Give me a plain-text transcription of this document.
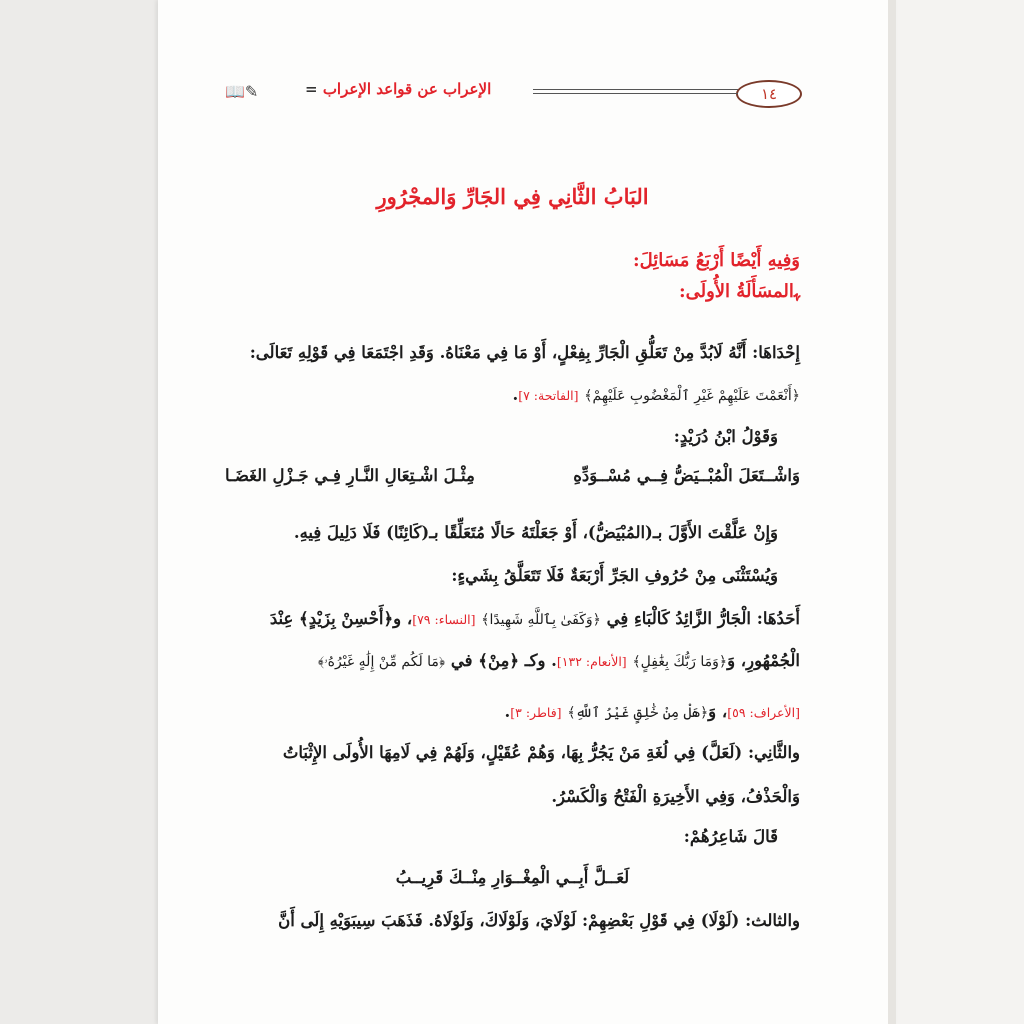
١٤
الإعراب عن قواعد الإعراب =
✎📖
البَابُ الثَّانِي فِي الجَارِّ وَالمجْرُورِ
وَفِيهِ أَيْضًا أَرْبَعُ مَسَائِلَ:
ﮩالمسَأَلَةُ الأُولَى:
إِحْدَاهَا: أَنَّهُ لَابُدَّ مِنْ تَعَلُّقِ الْجَارِّ بِفِعْلٍ، أَوْ مَا فِي مَعْنَاهُ. وَقَدِ اجْتَمَعَا فِي قَوْلِهِ تَعَالَى:
﴿أَنْعَمْتَ عَلَيْهِمْ غَيْرِ ٱلْمَغْضُوبِ عَلَيْهِمْ﴾ [الفاتحة: ٧].
وَقَوْلُ ابْنُ دُرَيْدٍ:
وَاشْــتَعَلَ الْمُبْــيَضُّ فِــي مُسْــوَدِّهِ
مِثْـلَ اشْـتِعَالِ النَّـارِ فِـي جَـزْلِ الغَضَـا
وَإِنْ عَلَّقْتَ الأَوَّلَ بـ(المُبْيَضُّ)، أَوْ جَعَلْتَهُ حَالًا مُتَعَلِّقًا بـ(كَائِنًا) فَلَا دَلِيلَ فِيهِ.
وَيُسْتَثْنَى مِنْ حُرُوفِ الجَرِّ أَرْبَعَةٌ فَلَا تَتَعَلَّقُ بِشَيءٍ:
أَحَدُهَا: الْجَارُّ الزَّائِدُ كَالْبَاءِ فِي ﴿وَكَفَىٰ بِٱللَّهِ شَهِيدًا﴾ [النساء: ٧٩]، و﴿أَحْسِنْ بِزَيْدٍ﴾ عِنْدَ
الْجُمْهُورِ، وَ﴿وَمَا رَبُّكَ بِغَٰفِلٍ﴾ [الأنعام: ١٣٢]. وكـ ﴿مِنْ﴾ في ﴿مَا لَكُم مِّنْ إِلَٰهٍ غَيْرُهُۥ﴾
[الأعراف: ٥٩]، وَ﴿هَلْ مِنْ خَٰلِقٍ غَيْرُ ٱللَّهِ﴾ [فاطر: ٣].
والثَّانِي: (لَعَلَّ) فِي لُغَةِ مَنْ يَجُرُّ بِهَا، وَهُمْ عُقَيْلٍ، وَلَهُمْ فِي لَامِهَا الأُولَى الإِثْبَاتُ
وَالْحَذْفُ، وَفِي الأَخِيرَةِ الْفَتْحُ وَالْكَسْرُ.
قَالَ شَاعِرُهُمْ:
لَعَــلَّ أَبِــي الْمِغْــوَارِ مِنْــكَ قَرِيــبُ
والثالث: (لَوْلَا) فِي قَوْلِ بَعْضِهِمْ: لَوْلَايَ، وَلَوْلَاكَ، وَلَوْلَاهُ. فَذَهَبَ سِيبَوَيْهِ إِلَى أَنَّ
